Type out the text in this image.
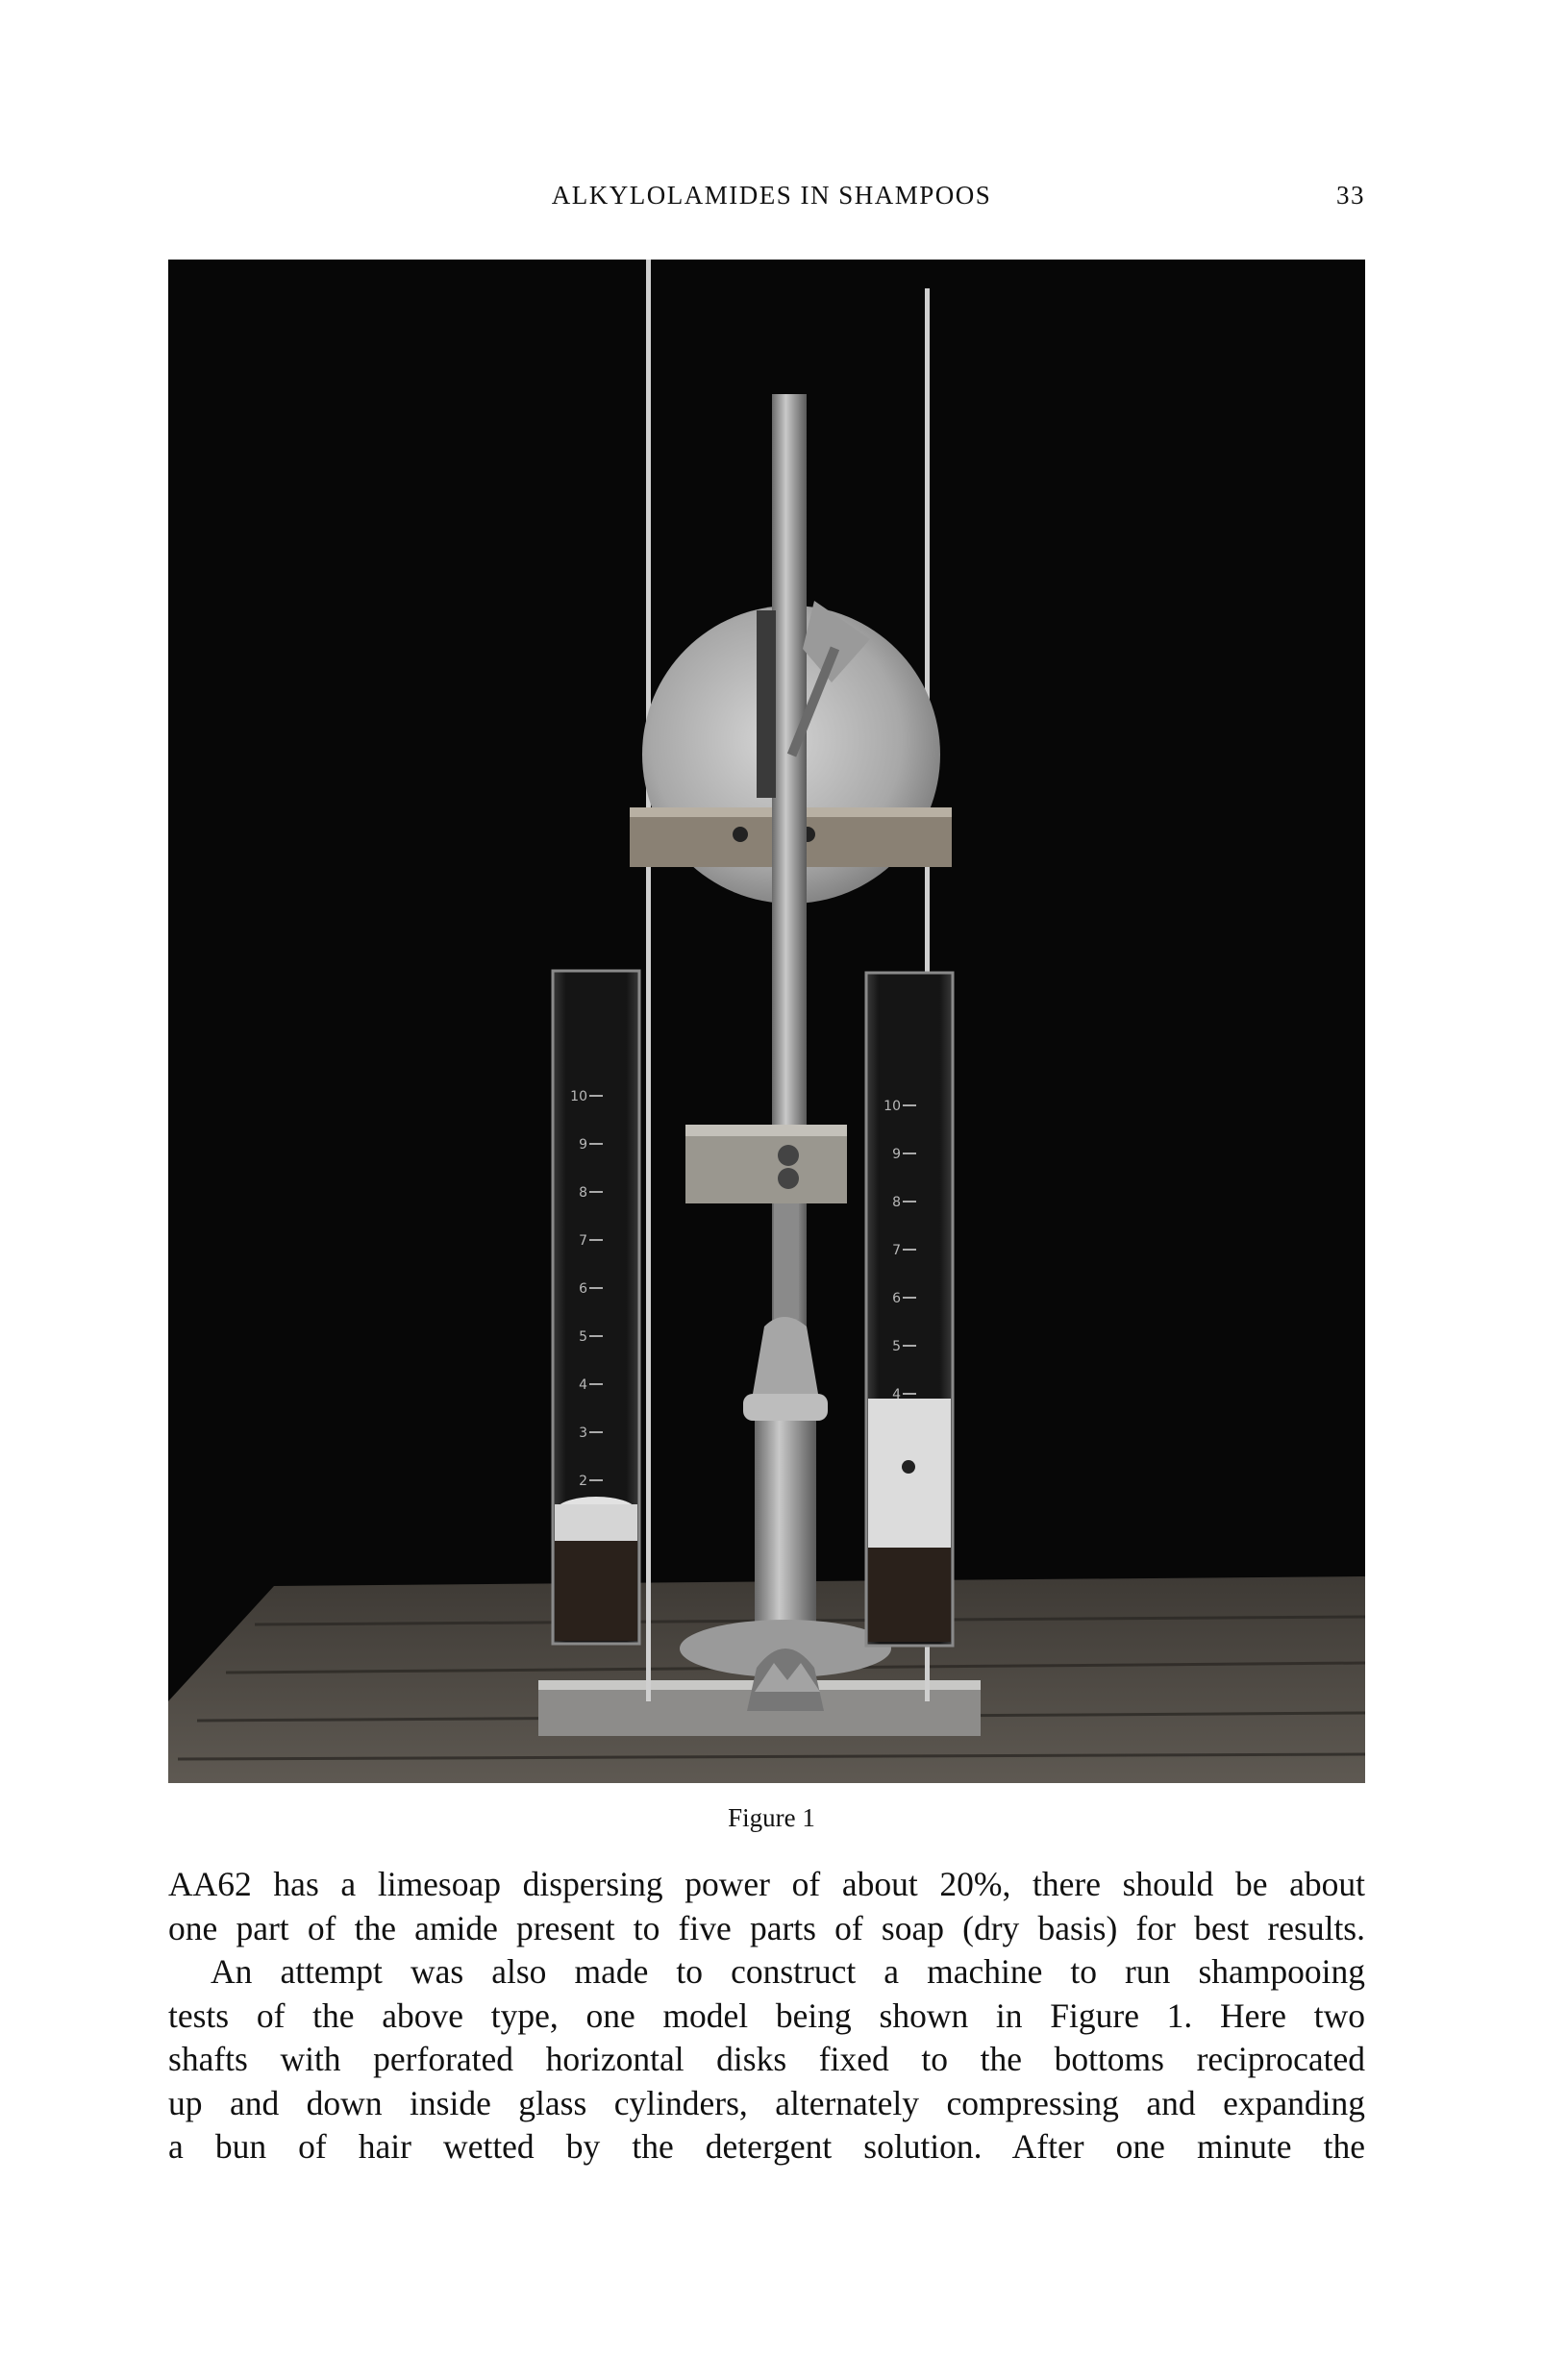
ALKYLOLAMIDES IN SHAMPOOS	33
10
9
8
7
6
5
4
3
2
10
9
8
7
6
5
4
Figure 1

AA62 has a limesoap dispersing power of about 20%, there should be about

one part of the amide present to five parts of soap (dry basis) for best results.

An attempt was also made to construct a machine to run shampooing

tests of the above type, one model being shown in Figure 1. Here two

shafts with perforated horizontal disks fixed to the bottoms reciprocated

up and down inside glass cylinders, alternately compressing and expanding

a bun of hair wetted by the detergent solution. After one minute the
